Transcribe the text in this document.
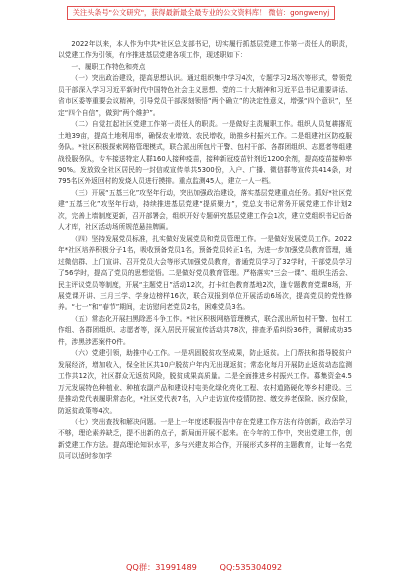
关注头条号"公文研究"，获得最新最全最专业的公文资料库！ 微信：gongwenyj

2022年以来，本人作为中共*社区总支部书记，切实履行抓基层党建工作第一责任人的职责，以党建工作为引领，有序推进基层党建各项工作，现述职如下：

一、履职工作特色和亮点

（一）突出政治建设，提高思想认识。通过组织集中学习4次，专题学习2场次等形式，带领党员干部深入学习习近平新时代中国特色社会主义思想、党的二十大精神和习近平总书记重要讲话、省市区委等重要会议精神，引导党员干部深刻领悟“两个确立”的决定性意义，增强“四个意识”，坚定“四个自信”，做到“两个维护”。

（二）自觉扛起社区党建工作第一责任人的职责。一是做好主责履职工作。组织人员复耕撂荒土地39亩，提高土地利用率，确保农业增效、农民增收，助推乡村振兴工作。二是组建社区防疫服务队。*社区积极探索网格管理模式，联合派出所包片干警、包村干部、各群团组织、志愿者等组建战役服务队，专车接送特定人群160人接种疫苗，接种新冠疫苗针剂近1200余剂，提高疫苗接种率90%。发放致全社区居民的一封信或宣传单共5300份，入户、广播、微信群等宣传共414条，对795名区外返回村的发烧人员进行摸排。重点监测45人，建立一人一档。

（三）开展“五基三化”攻坚年行动，突出加强政治建设，落实基层党建重点任务。抓好*社区党建“五基三化”攻坚年行动，持续推进基层党建“提质聚力”，党总支书记常务开展党建工作计划2次，完善上墙制度更新，召开部署会，组织开好专题研究基层党建工作会1次，建立党组织书记后备人才库，社区活动场所规范悬挂牌匾。

（四）坚持发展党员标准，扎实做好发展党员和党员管理工作。一是做好发展党员工作。2022年*社区培养积极分子1名，吸收预备党员1名，预备党员转正1名，为进一步加强党员教育管理，通过微信群、上门宣讲、召开党员大会等形式加强党员教育，普通党员学习了32学时，干部党员学习了56学时，提高了党员的思想觉悟。二是做好党员教育管理。严格落实“三会一课”、组织生活会、民主评议党员等制度，开展“主题党日”活动12次，打卡红色教育基地2次，逢专题教育党课8场，开展党课开讲、三月三学、学身边榜样16次，联合双报到单位开展活动6场次，提高党员的党性修养。“七一”和“春节”期间，走访慰问老党员2名，困难党员3名。

（五）常态化开展扫黑除恶斗争工作。*社区积极网格管理模式，联合派出所包村干警、包村工作组、各群团组织、志愿者等，深入居民开展宣传活动共78次，排查矛盾纠纷36件，调解成功35件，涉黑涉恶案件0件。

（六）党建引领，助推中心工作。一是巩固脱贫攻坚成果，防止返贫。上门帮扶和指导脱贫户发展经济，增加收入，保全社区共10户脱贫户年内无出现返贫；常态化每月开展防止返贫动态监测工作共12次，社区群众无返贫风险，脱贫成果高质量。二是全面推进乡村振兴工作。募集资金4.5万元发展特色种植业、种植农副产品和建设村屯美化绿化亮化工程、农村道路硬化等乡村建设。三是推动党代表履职常态化，*社区党代表7名，入户走访宣传疫情防控、缴交养老保险、医疗保险，防返贫政策等4次。

（七）突出查找和解决问题。一是上一年度述职报告中存在党建工作方法有待创新，政治学习不够，理论素养缺乏，提不出新的点子，新局面开展不起来。在今年的工作中，突出党建工作，创新党建工作方法。提高理论知识水平，多与兴建友邦合作，开展形式多样的主题教育，让每一名党员可以适时参加学

QQ群：31991489	QQ:535304092
